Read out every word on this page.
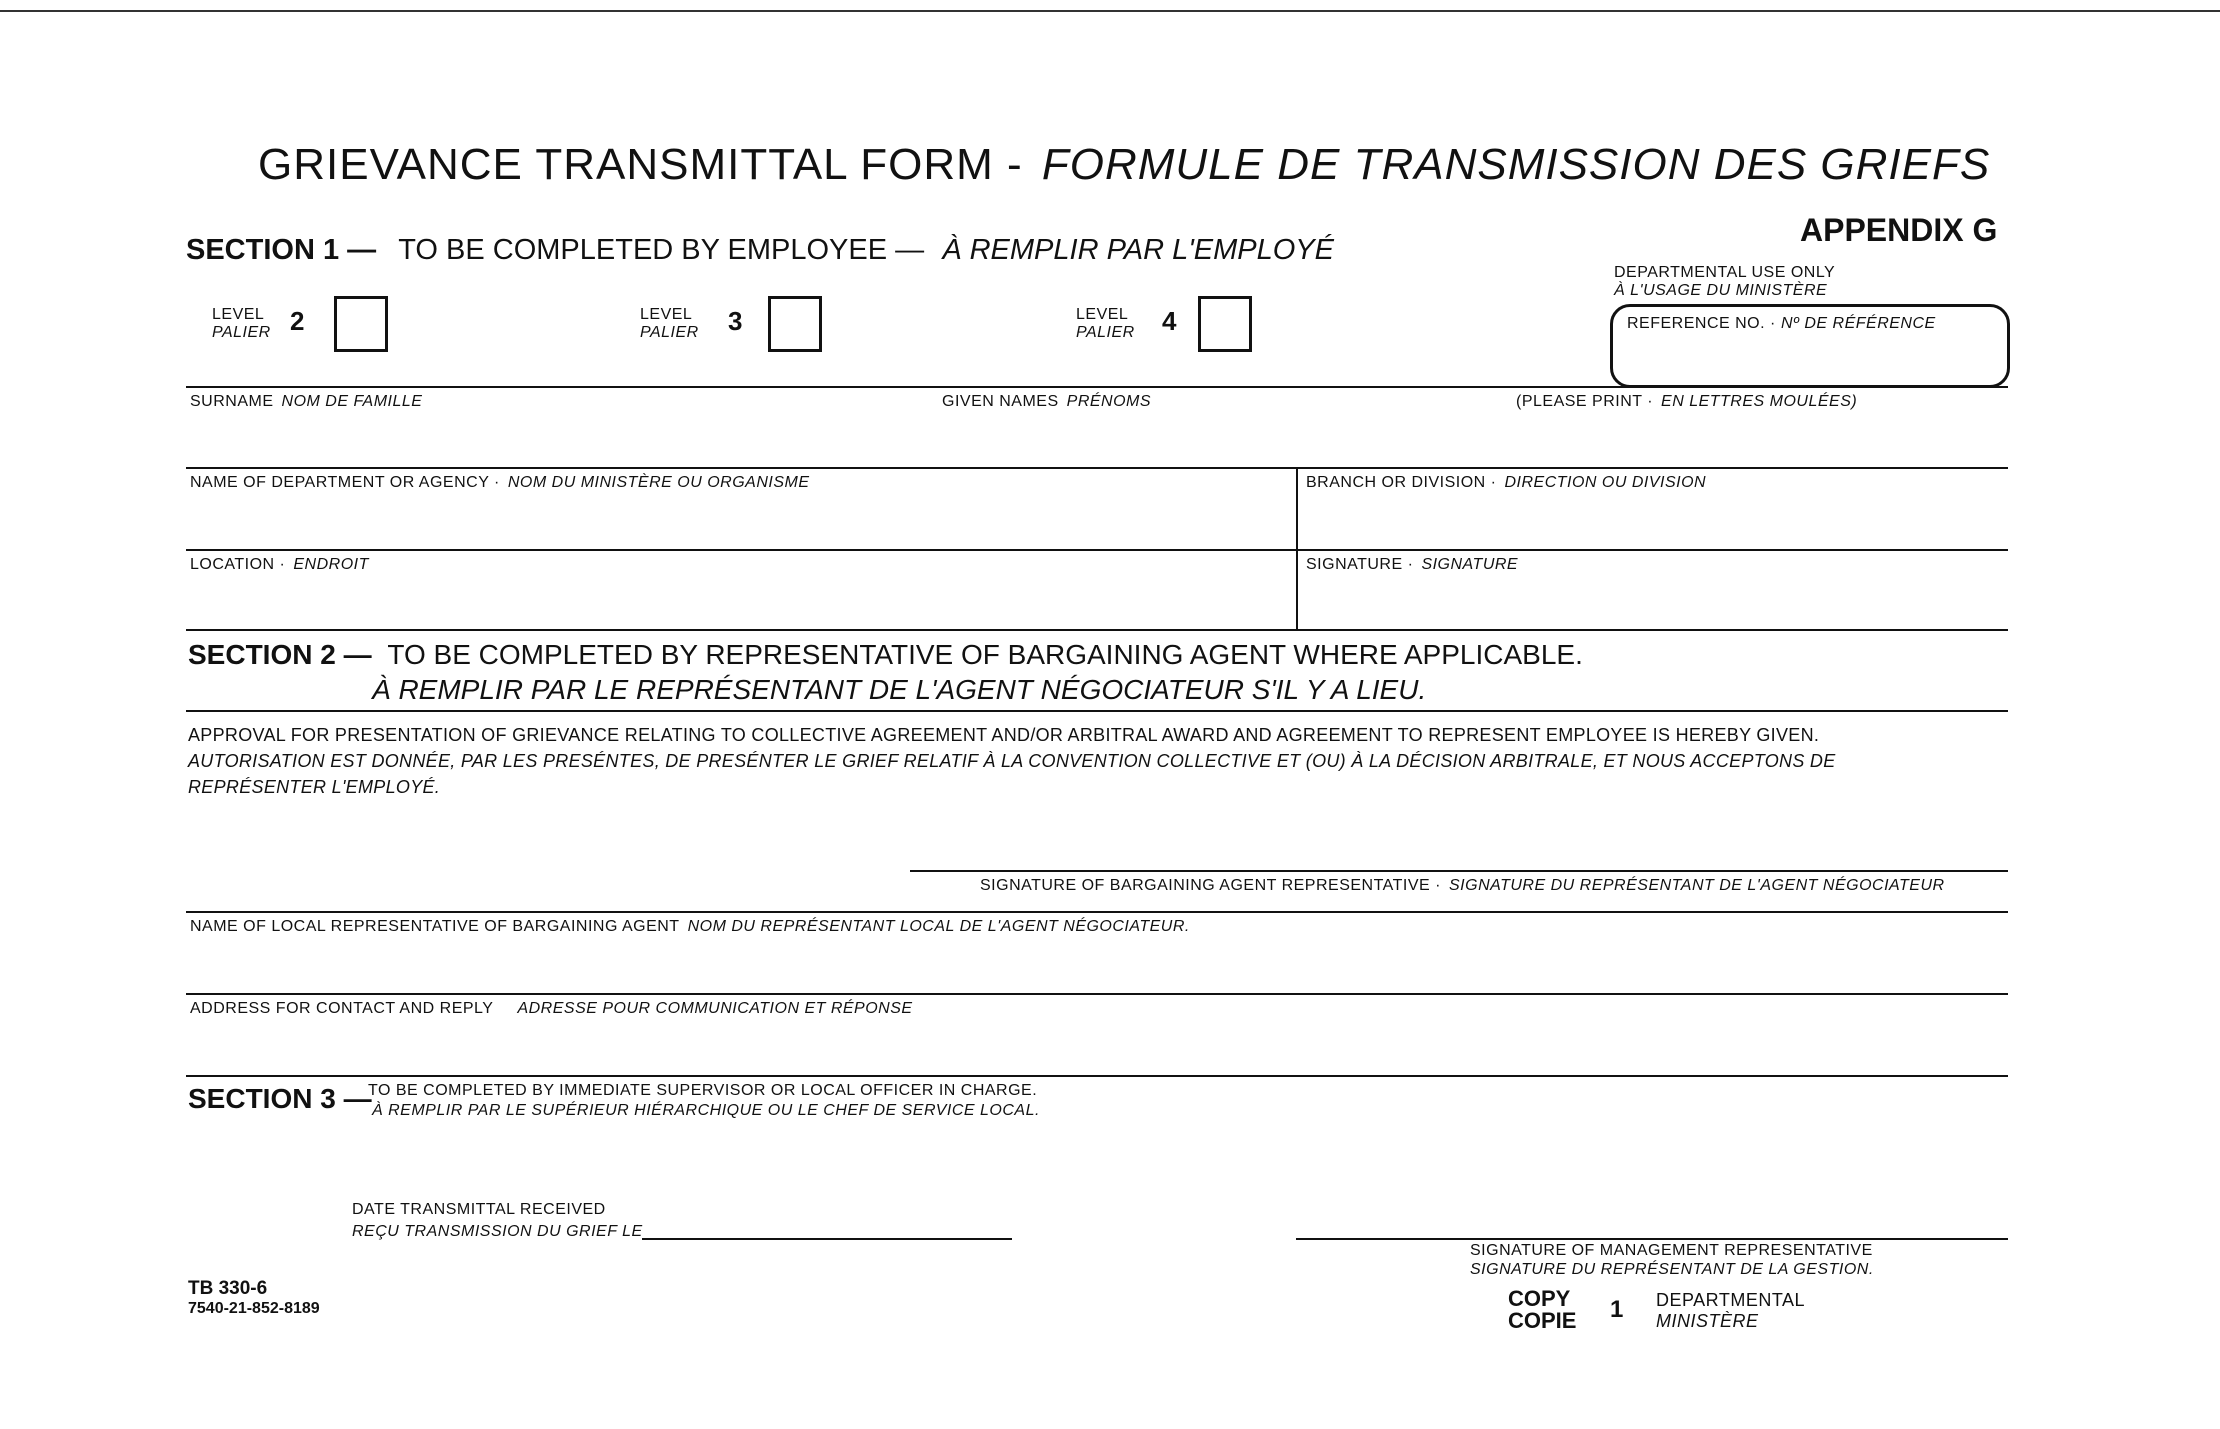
GRIEVANCE TRANSMITTAL FORM - FORMULE DE TRANSMISSION DES GRIEFS
APPENDIX G
SECTION 1 — TO BE COMPLETED BY EMPLOYEE — À REMPLIR PAR L'EMPLOYÉ
DEPARTMENTAL USE ONLY
À L'USAGE DU MINISTÈRE
REFERENCE NO. · Nº DE RÉFÉRENCE
LEVEL
PALIER 2	LEVEL
PALIER 3	LEVEL
PALIER 4
SURNAME NOM DE FAMILLE	GIVEN NAMES PRÉNOMS	(PLEASE PRINT · EN LETTRES MOULÉES)
NAME OF DEPARTMENT OR AGENCY · NOM DU MINISTÈRE OU ORGANISME	BRANCH OR DIVISION · DIRECTION OU DIVISION
LOCATION · ENDROIT	SIGNATURE · SIGNATURE
SECTION 2 — TO BE COMPLETED BY REPRESENTATIVE OF BARGAINING AGENT WHERE APPLICABLE.
À REMPLIR PAR LE REPRÉSENTANT DE L'AGENT NÉGOCIATEUR S'IL Y A LIEU.
APPROVAL FOR PRESENTATION OF GRIEVANCE RELATING TO COLLECTIVE AGREEMENT AND/OR ARBITRAL AWARD AND AGREEMENT TO REPRESENT EMPLOYEE IS HEREBY GIVEN.
AUTORISATION EST DONNÉE, PAR LES PRESÉNTES, DE PRESÉNTER LE GRIEF RELATIF À LA CONVENTION COLLECTIVE ET (OU) À LA DÉCISION ARBITRALE, ET NOUS ACCEPTONS DE
REPRÉSENTER L'EMPLOYÉ.
SIGNATURE OF BARGAINING AGENT REPRESENTATIVE · SIGNATURE DU REPRÉSENTANT DE L'AGENT NÉGOCIATEUR
NAME OF LOCAL REPRESENTATIVE OF BARGAINING AGENT NOM DU REPRÉSENTANT LOCAL DE L'AGENT NÉGOCIATEUR.
ADDRESS FOR CONTACT AND REPLY ADRESSE POUR COMMUNICATION ET RÉPONSE
SECTION 3 —
TO BE COMPLETED BY IMMEDIATE SUPERVISOR OR LOCAL OFFICER IN CHARGE.
À REMPLIR PAR LE SUPÉRIEUR HIÉRARCHIQUE OU LE CHEF DE SERVICE LOCAL.
DATE TRANSMITTAL RECEIVED
REÇU TRANSMISSION DU GRIEF LE
SIGNATURE OF MANAGEMENT REPRESENTATIVE
SIGNATURE DU REPRÉSENTANT DE LA GESTION.
TB 330-6
7540-21-852-8189	COPY
COPIE 1 DEPARTMENTAL
MINISTÈRE
